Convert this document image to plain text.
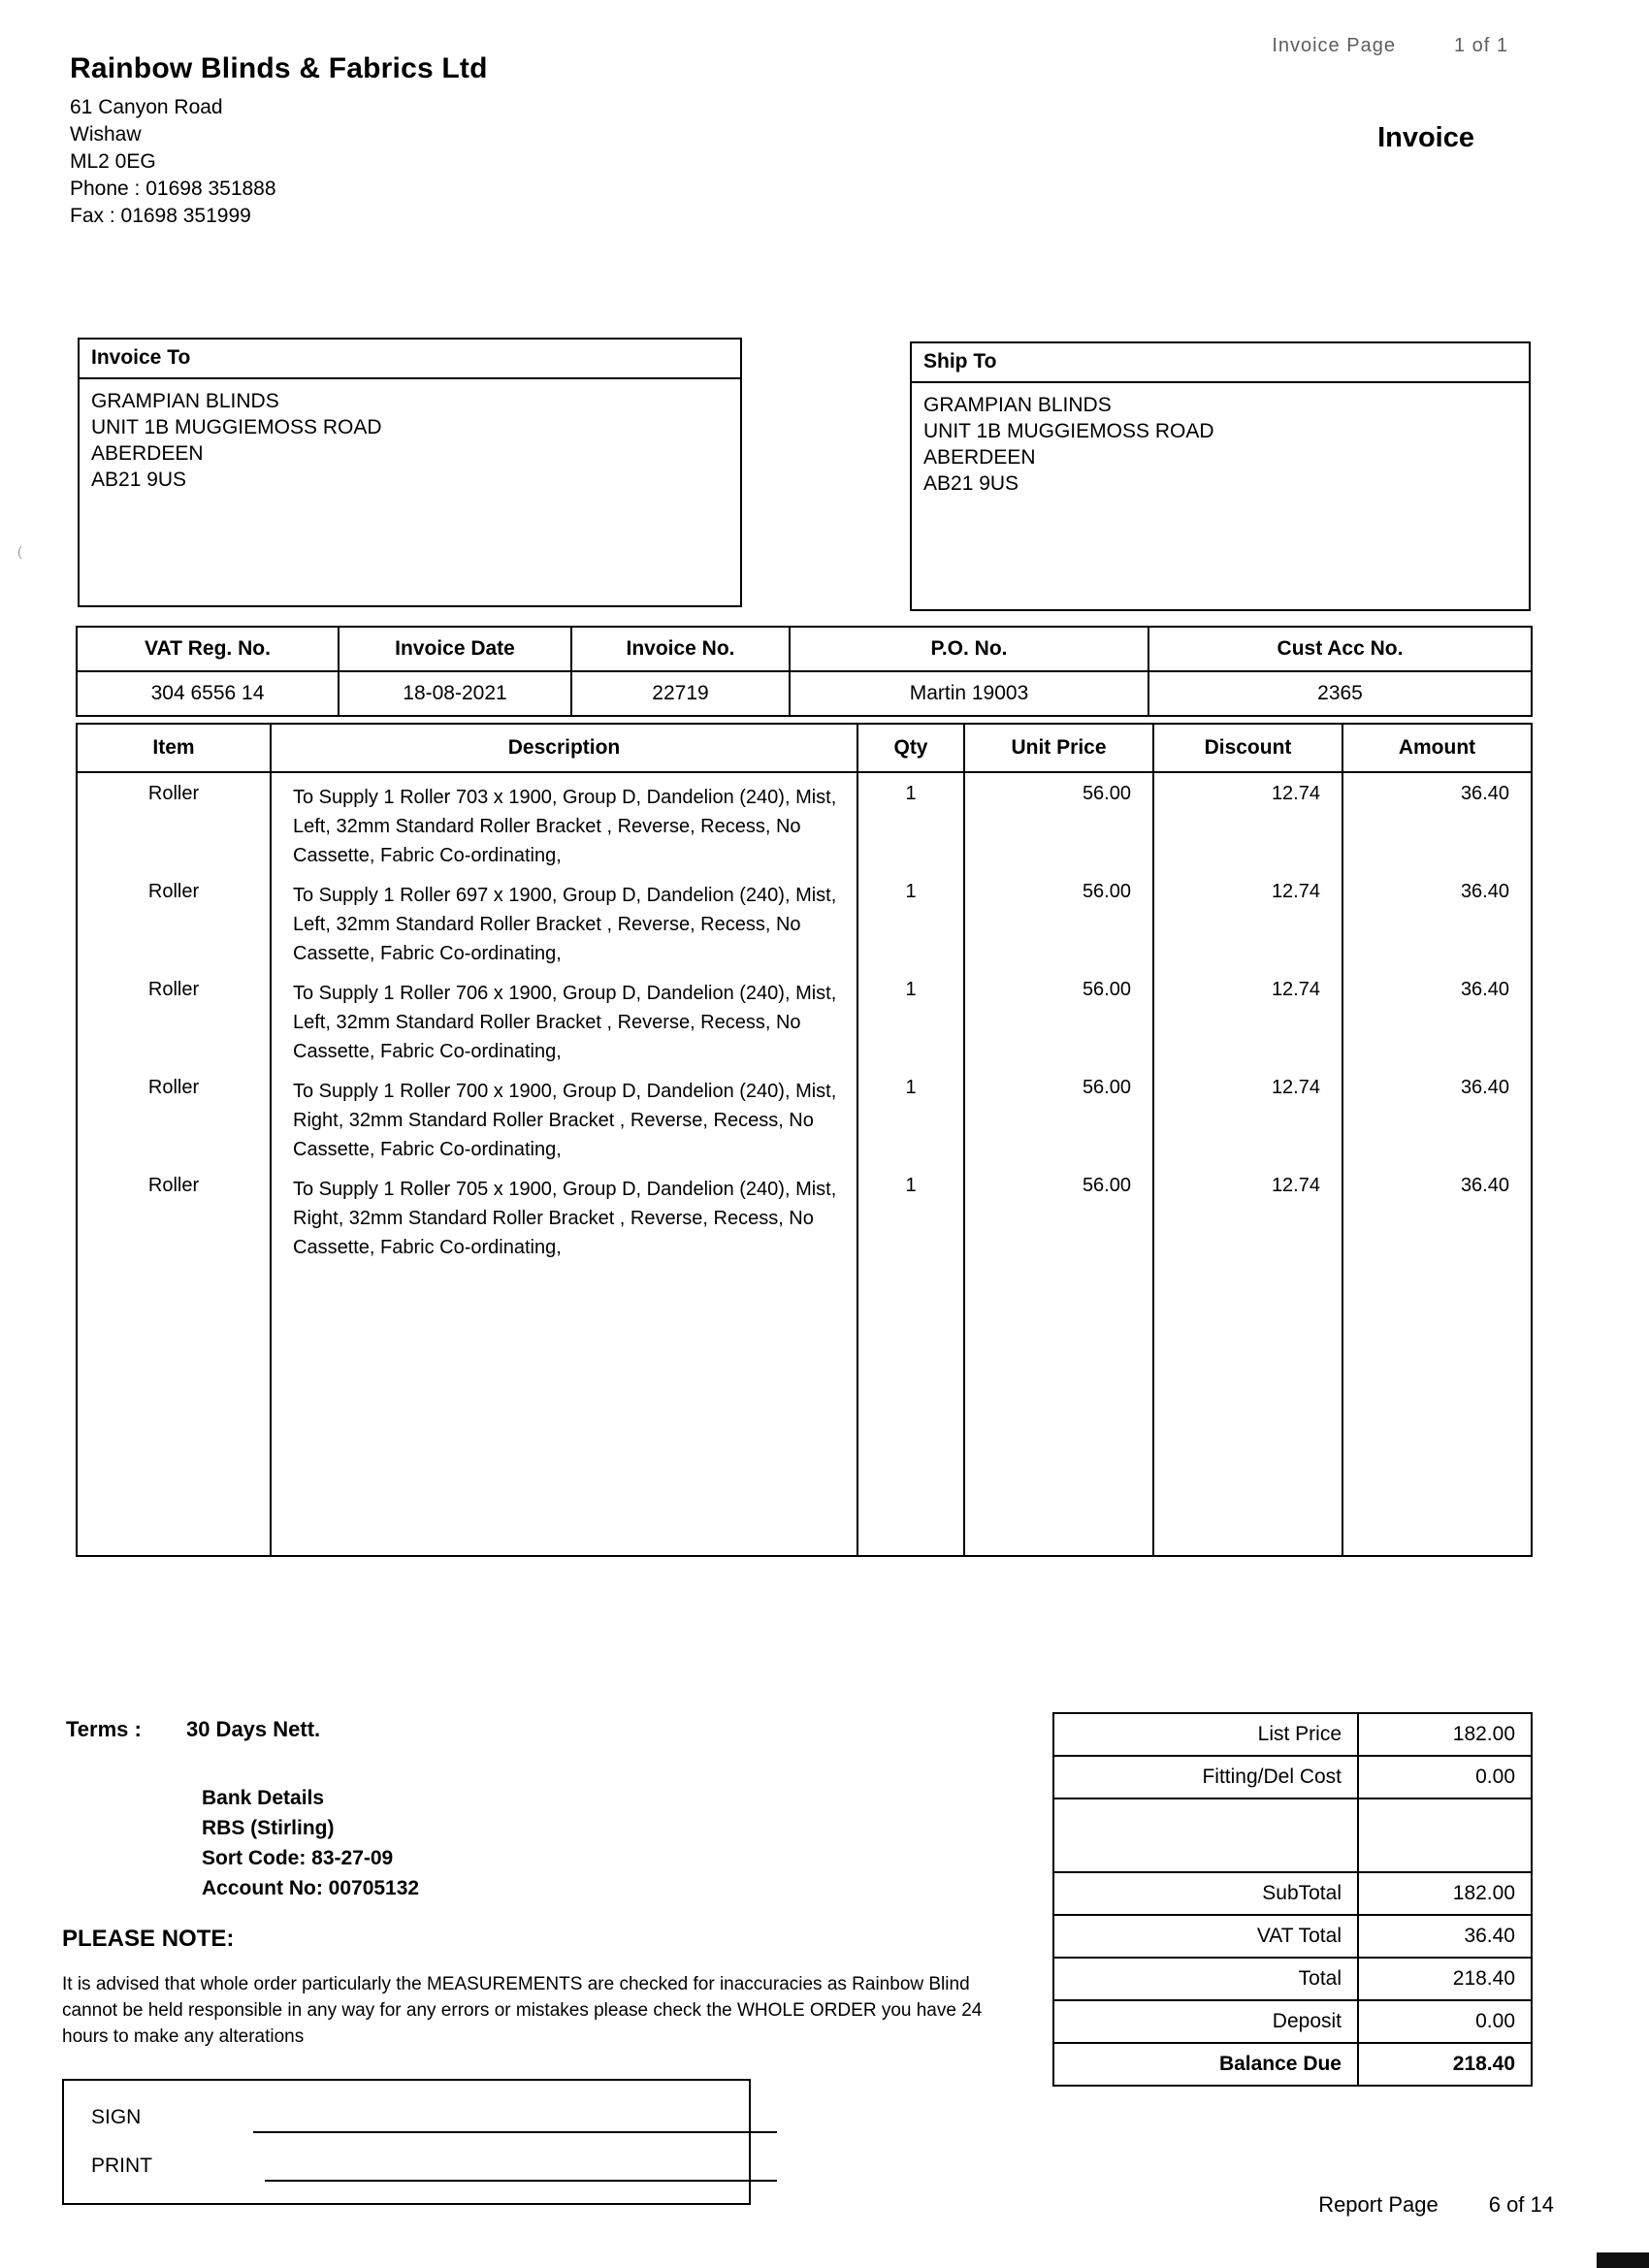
(
Invoice Page	1 of 1
Rainbow Blinds & Fabrics Ltd
61 Canyon Road
Wishaw
ML2 0EG
Phone : 01698 351888
Fax : 01698 351999
Invoice
Invoice To
GRAMPIAN BLINDS
UNIT 1B MUGGIEMOSS ROAD
ABERDEEN
AB21 9US
Ship To
GRAMPIAN BLINDS
UNIT 1B MUGGIEMOSS ROAD
ABERDEEN
AB21 9US
VAT Reg. No.	Invoice Date	Invoice No.	P.O. No.	Cust Acc No.
304 6556 14	18-08-2021	22719	Martin 19003	2365
Item	Description	Qty	Unit Price	Discount	Amount
Roller	To Supply 1 Roller 703 x 1900, Group D, Dandelion (240), Mist, Left, 32mm Standard Roller Bracket , Reverse, Recess, No Cassette, Fabric Co-ordinating,	1	56.00	12.74	36.40
Roller	To Supply 1 Roller 697 x 1900, Group D, Dandelion (240), Mist, Left, 32mm Standard Roller Bracket , Reverse, Recess, No Cassette, Fabric Co-ordinating,	1	56.00	12.74	36.40
Roller	To Supply 1 Roller 706 x 1900, Group D, Dandelion (240), Mist, Left, 32mm Standard Roller Bracket , Reverse, Recess, No Cassette, Fabric Co-ordinating,	1	56.00	12.74	36.40
Roller	To Supply 1 Roller 700 x 1900, Group D, Dandelion (240), Mist, Right, 32mm Standard Roller Bracket , Reverse, Recess, No Cassette, Fabric Co-ordinating,	1	56.00	12.74	36.40
Roller	To Supply 1 Roller 705 x 1900, Group D, Dandelion (240), Mist, Right, 32mm Standard Roller Bracket , Reverse, Recess, No Cassette, Fabric Co-ordinating,	1	56.00	12.74	36.40

Terms : 30 Days Nett.
Bank Details
RBS (Stirling)
Sort Code: 83-27-09
Account No: 00705132
PLEASE NOTE:
It is advised that whole order particularly the MEASUREMENTS are checked for inaccuracies as Rainbow Blind cannot be held responsible in any way for any errors or mistakes please check the WHOLE ORDER you have 24 hours to make any alterations
SIGN
PRINT
List Price	182.00
Fitting/Del Cost	0.00

SubTotal	182.00
VAT Total	36.40
Total	218.40
Deposit	0.00
Balance Due	218.40
Report Page 6 of 14
